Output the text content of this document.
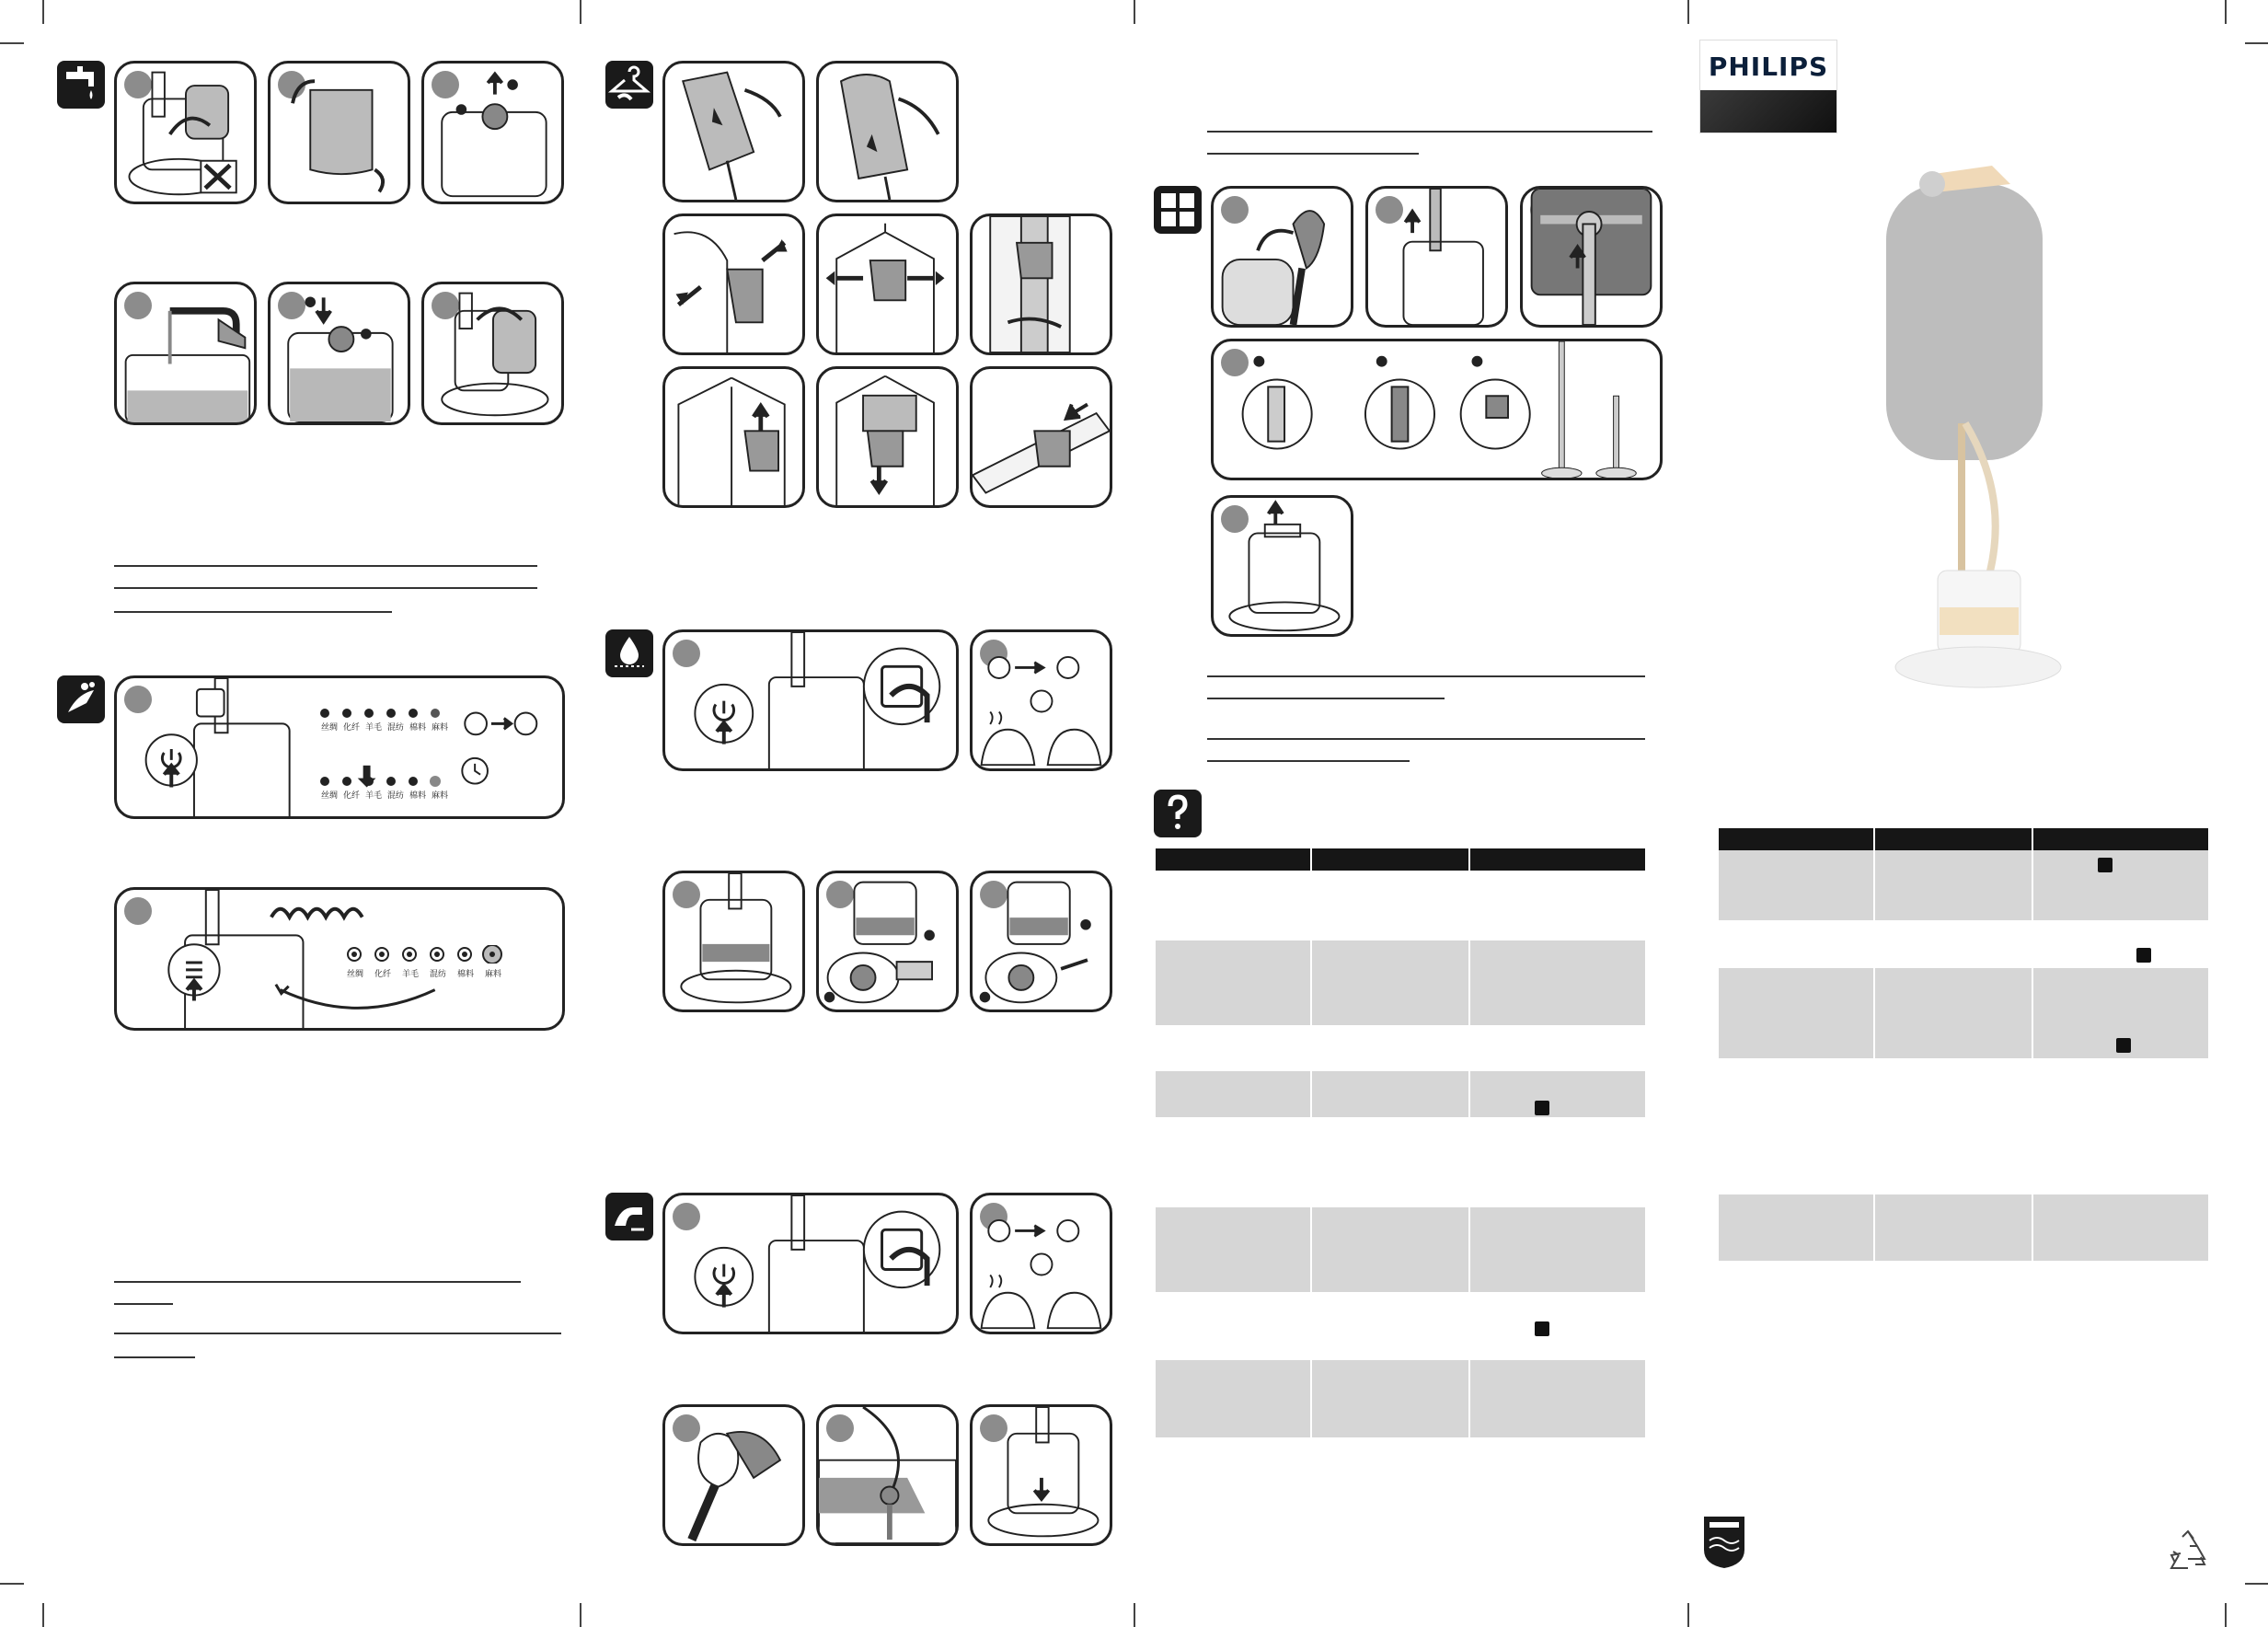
丝绸 化纤 羊毛 混纺 棉料 麻料
丝绸 化纤 羊毛 混纺 棉料 麻料
丝绸 化纤 羊毛 混纺 棉料 麻料
PHILIPS
